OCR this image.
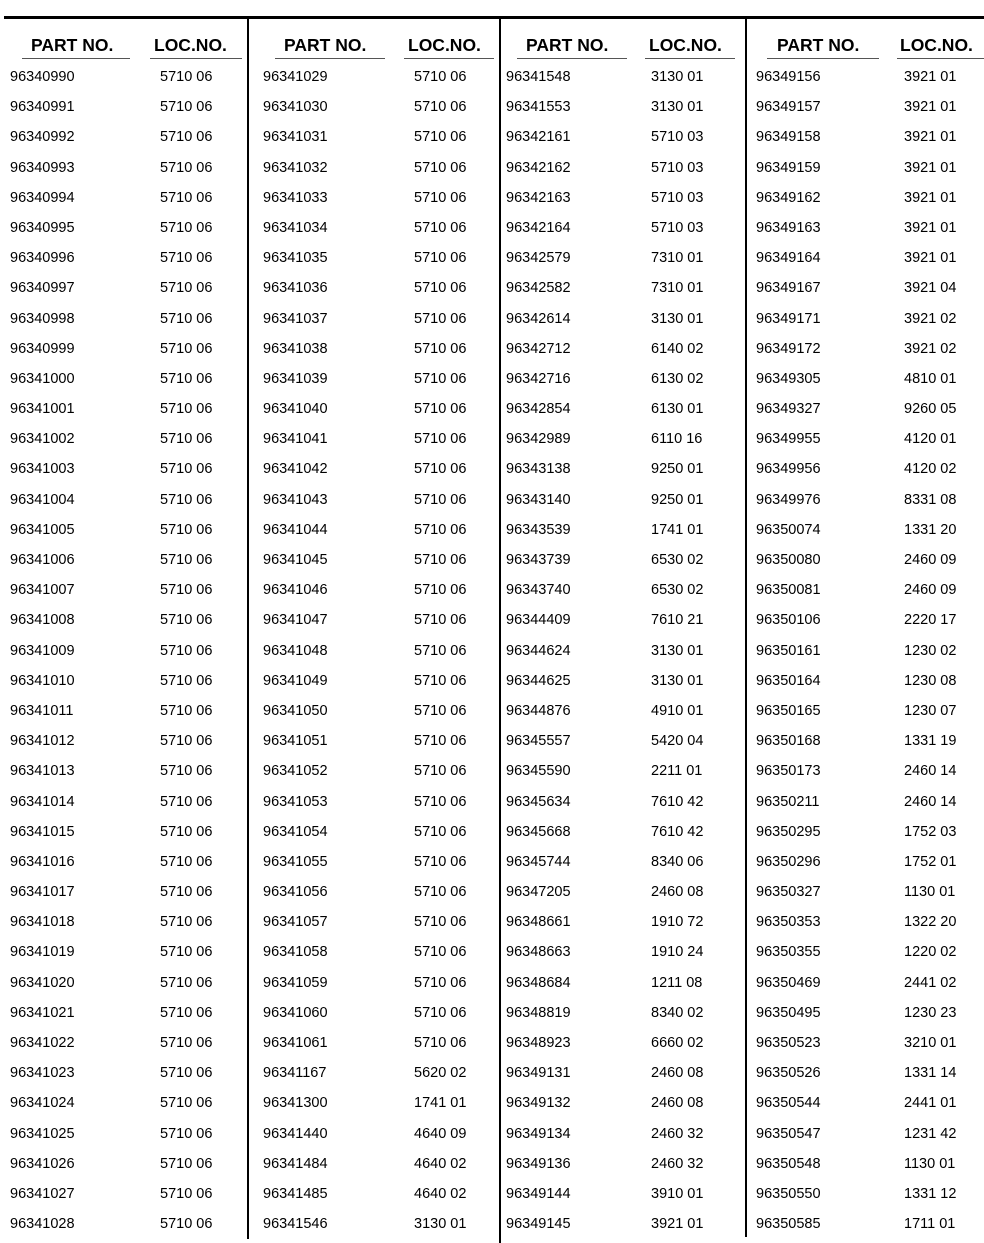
PART NO. LOC.NO.
96340990	5710 06
96340991	5710 06
96340992	5710 06
96340993	5710 06
96340994	5710 06
96340995	5710 06
96340996	5710 06
96340997	5710 06
96340998	5710 06
96340999	5710 06
96341000	5710 06
96341001	5710 06
96341002	5710 06
96341003	5710 06
96341004	5710 06
96341005	5710 06
96341006	5710 06
96341007	5710 06
96341008	5710 06
96341009	5710 06
96341010	5710 06
96341011	5710 06
96341012	5710 06
96341013	5710 06
96341014	5710 06
96341015	5710 06
96341016	5710 06
96341017	5710 06
96341018	5710 06
96341019	5710 06
96341020	5710 06
96341021	5710 06
96341022	5710 06
96341023	5710 06
96341024	5710 06
96341025	5710 06
96341026	5710 06
96341027	5710 06
96341028	5710 06
PART NO. LOC.NO.
96341029	5710 06
96341030	5710 06
96341031	5710 06
96341032	5710 06
96341033	5710 06
96341034	5710 06
96341035	5710 06
96341036	5710 06
96341037	5710 06
96341038	5710 06
96341039	5710 06
96341040	5710 06
96341041	5710 06
96341042	5710 06
96341043	5710 06
96341044	5710 06
96341045	5710 06
96341046	5710 06
96341047	5710 06
96341048	5710 06
96341049	5710 06
96341050	5710 06
96341051	5710 06
96341052	5710 06
96341053	5710 06
96341054	5710 06
96341055	5710 06
96341056	5710 06
96341057	5710 06
96341058	5710 06
96341059	5710 06
96341060	5710 06
96341061	5710 06
96341167	5620 02
96341300	1741 01
96341440	4640 09
96341484	4640 02
96341485	4640 02
96341546	3130 01
PART NO. LOC.NO.
96341548	3130 01
96341553	3130 01
96342161	5710 03
96342162	5710 03
96342163	5710 03
96342164	5710 03
96342579	7310 01
96342582	7310 01
96342614	3130 01
96342712	6140 02
96342716	6130 02
96342854	6130 01
96342989	6110 16
96343138	9250 01
96343140	9250 01
96343539	1741 01
96343739	6530 02
96343740	6530 02
96344409	7610 21
96344624	3130 01
96344625	3130 01
96344876	4910 01
96345557	5420 04
96345590	2211 01
96345634	7610 42
96345668	7610 42
96345744	8340 06
96347205	2460 08
96348661	1910 72
96348663	1910 24
96348684	1211 08
96348819	8340 02
96348923	6660 02
96349131	2460 08
96349132	2460 08
96349134	2460 32
96349136	2460 32
96349144	3910 01
96349145	3921 01
PART NO. LOC.NO.
96349156	3921 01
96349157	3921 01
96349158	3921 01
96349159	3921 01
96349162	3921 01
96349163	3921 01
96349164	3921 01
96349167	3921 04
96349171	3921 02
96349172	3921 02
96349305	4810 01
96349327	9260 05
96349955	4120 01
96349956	4120 02
96349976	8331 08
96350074	1331 20
96350080	2460 09
96350081	2460 09
96350106	2220 17
96350161	1230 02
96350164	1230 08
96350165	1230 07
96350168	1331 19
96350173	2460 14
96350211	2460 14
96350295	1752 03
96350296	1752 01
96350327	1130 01
96350353	1322 20
96350355	1220 02
96350469	2441 02
96350495	1230 23
96350523	3210 01
96350526	1331 14
96350544	2441 01
96350547	1231 42
96350548	1130 01
96350550	1331 12
96350585	1711 01
